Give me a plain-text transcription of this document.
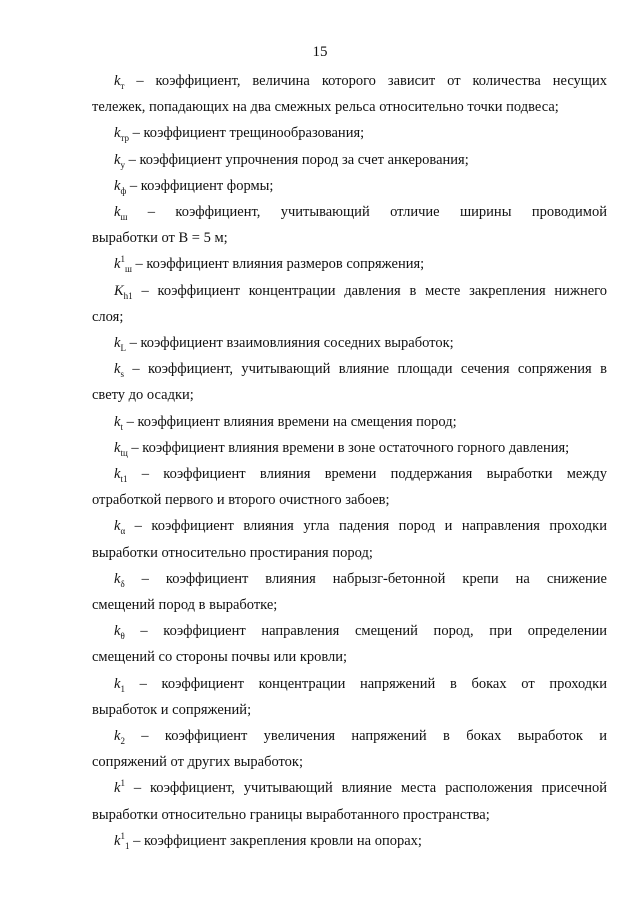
15
$k_т$ – коэффициент, величина которого зависит от количества несущих
тележек, попадающих на два смежных рельса относительно точки подвеса;
$k_{тр}$ – коэффициент трещинообразования;
$k_у$ – коэффициент упрочнения пород за счет анкерования;
$k_ф$ – коэффициент формы;
$k_ш$ – коэффициент, учитывающий отличие ширины проводимой
выработки от B = 5 м;
$k^1_ш$ – коэффициент влияния размеров сопряжения;
$K_{h1}$ – коэффициент концентрации давления в месте закрепления нижнего
слоя;
$k_L$ – коэффициент взаимовлияния соседних выработок;
$k_s$ – коэффициент, учитывающий влияние площади сечения сопряжения в
свету до осадки;
$k_t$ – коэффициент влияния времени на смещения пород;
$k_{tц}$ – коэффициент влияния времени в зоне остаточного горного давления;
$k_{t1}$ – коэффициент влияния времени поддержания выработки между
отработкой первого и второго очистного забоев;
$k_\alpha$ – коэффициент влияния угла падения пород и направления проходки
выработки относительно простирания пород;
$k_\delta$ – коэффициент влияния набрызг-бетонной крепи на снижение
смещений пород в выработке;
$k_\theta$ – коэффициент направления смещений пород, при определении
смещений со стороны почвы или кровли;
$k_1$ – коэффициент концентрации напряжений в боках от проходки
выработок и сопряжений;
$k_2$ – коэффициент увеличения напряжений в боках выработок и
сопряжений от других выработок;
$k^1$ – коэффициент, учитывающий влияние места расположения присечной
выработки относительно границы выработанного пространства;
$k^1_1$ – коэффициент закрепления кровли на опорах;
